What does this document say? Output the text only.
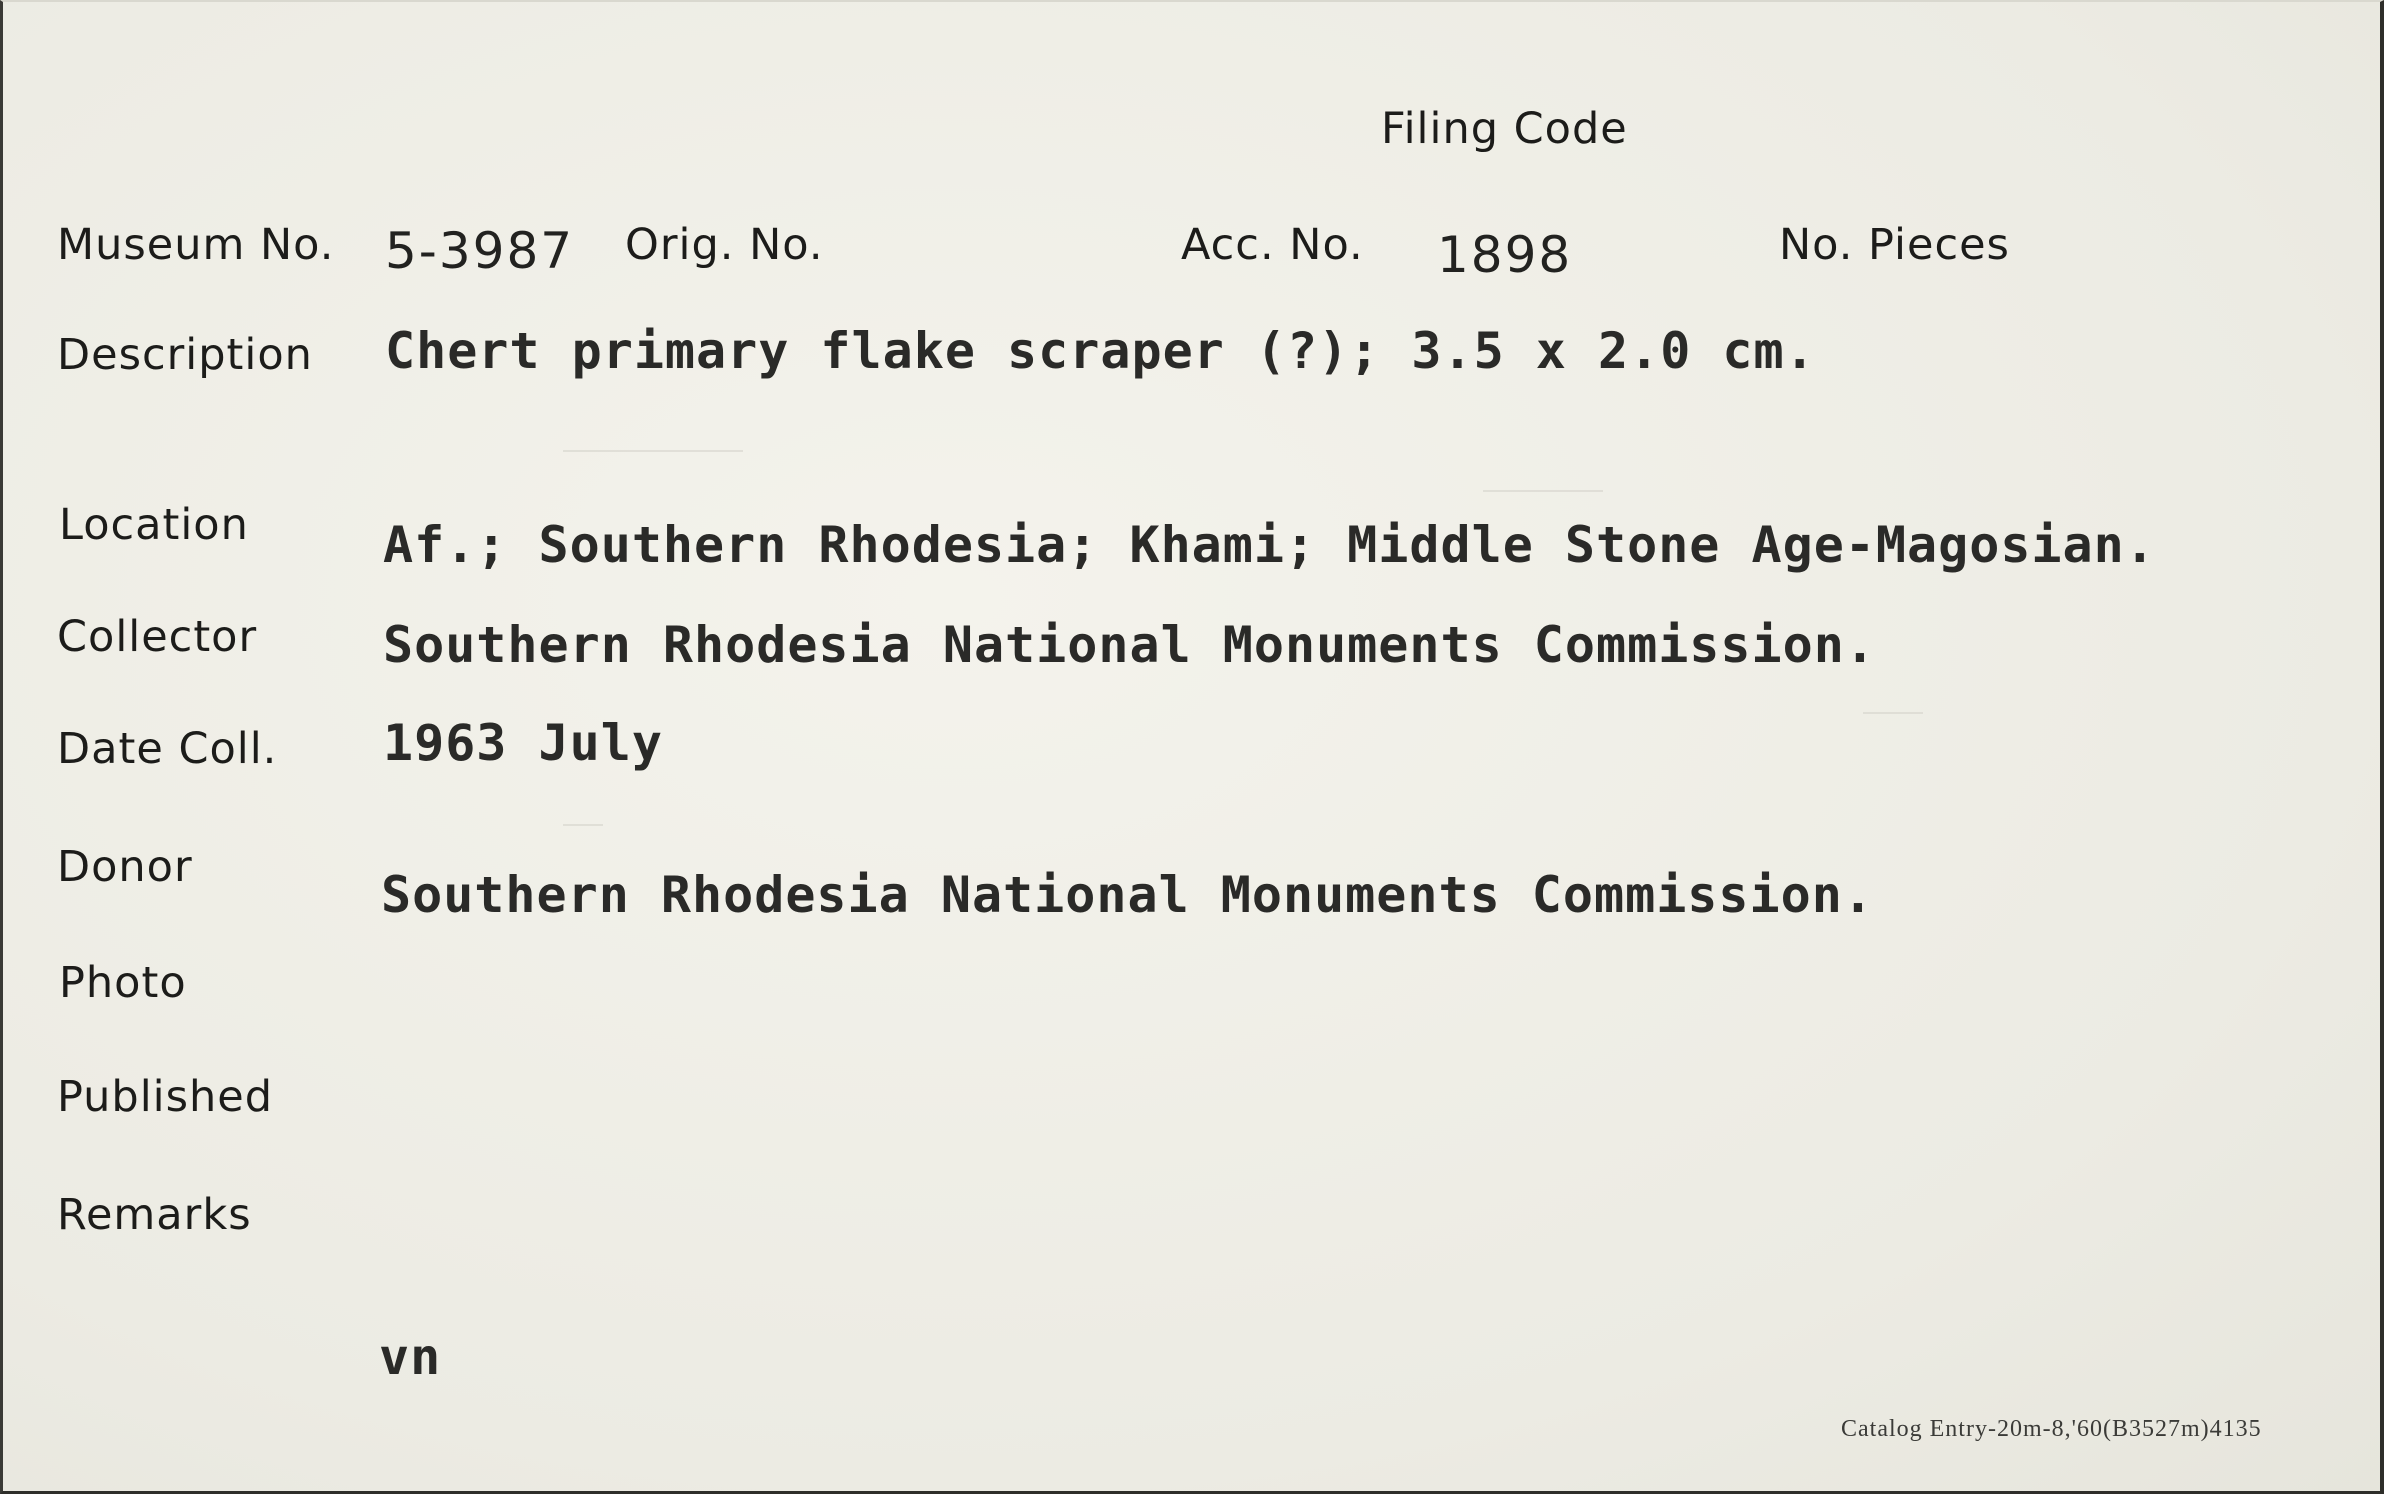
Filing Code
Museum No. 5-3987 Orig. No.	Acc. No. 1898	No. Pieces
Description Chert primary flake scraper (?); 3.5 x 2.0 cm.
Location	Af.; Southern Rhodesia; Khami; Middle Stone Age-Magosian.
Collector	Southern Rhodesia National Monuments Commission.
Date Coll. 1963 July
Donor	Southern Rhodesia National Monuments Commission.
Photo
Published
Remarks
vn
Catalog Entry-20m-8,'60(B3527m)4135
